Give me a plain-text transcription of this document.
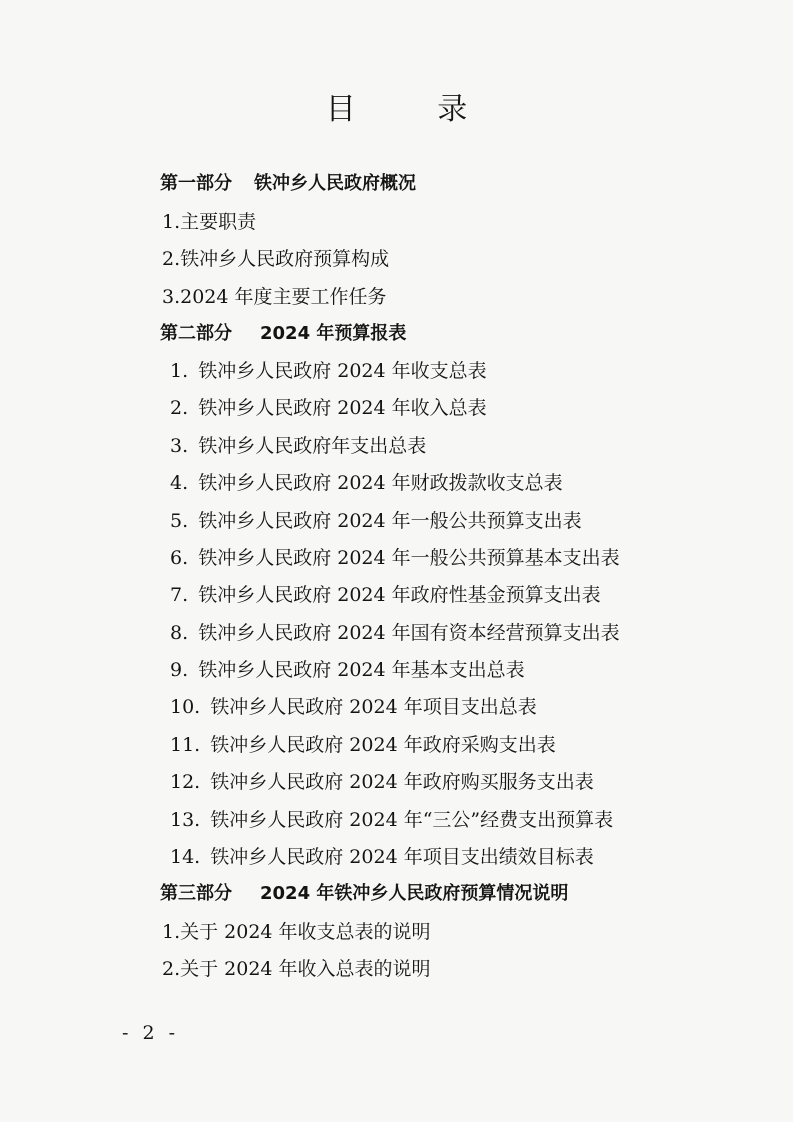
目 录
第一部分 铁冲乡人民政府概况
1.主要职责
2.铁冲乡人民政府预算构成
3.2024 年度主要工作任务
第二部分 2024 年预算报表
1. 铁冲乡人民政府 2024 年收支总表
2. 铁冲乡人民政府 2024 年收入总表
3. 铁冲乡人民政府年支出总表
4. 铁冲乡人民政府 2024 年财政拨款收支总表
5. 铁冲乡人民政府 2024 年一般公共预算支出表
6. 铁冲乡人民政府 2024 年一般公共预算基本支出表
7. 铁冲乡人民政府 2024 年政府性基金预算支出表
8. 铁冲乡人民政府 2024 年国有资本经营预算支出表
9. 铁冲乡人民政府 2024 年基本支出总表
10. 铁冲乡人民政府 2024 年项目支出总表
11. 铁冲乡人民政府 2024 年政府采购支出表
12. 铁冲乡人民政府 2024 年政府购买服务支出表
13. 铁冲乡人民政府 2024 年“三公”经费支出预算表
14. 铁冲乡人民政府 2024 年项目支出绩效目标表
第三部分 2024 年铁冲乡人民政府预算情况说明
1.关于 2024 年收支总表的说明
2.关于 2024 年收入总表的说明
- 2 -
